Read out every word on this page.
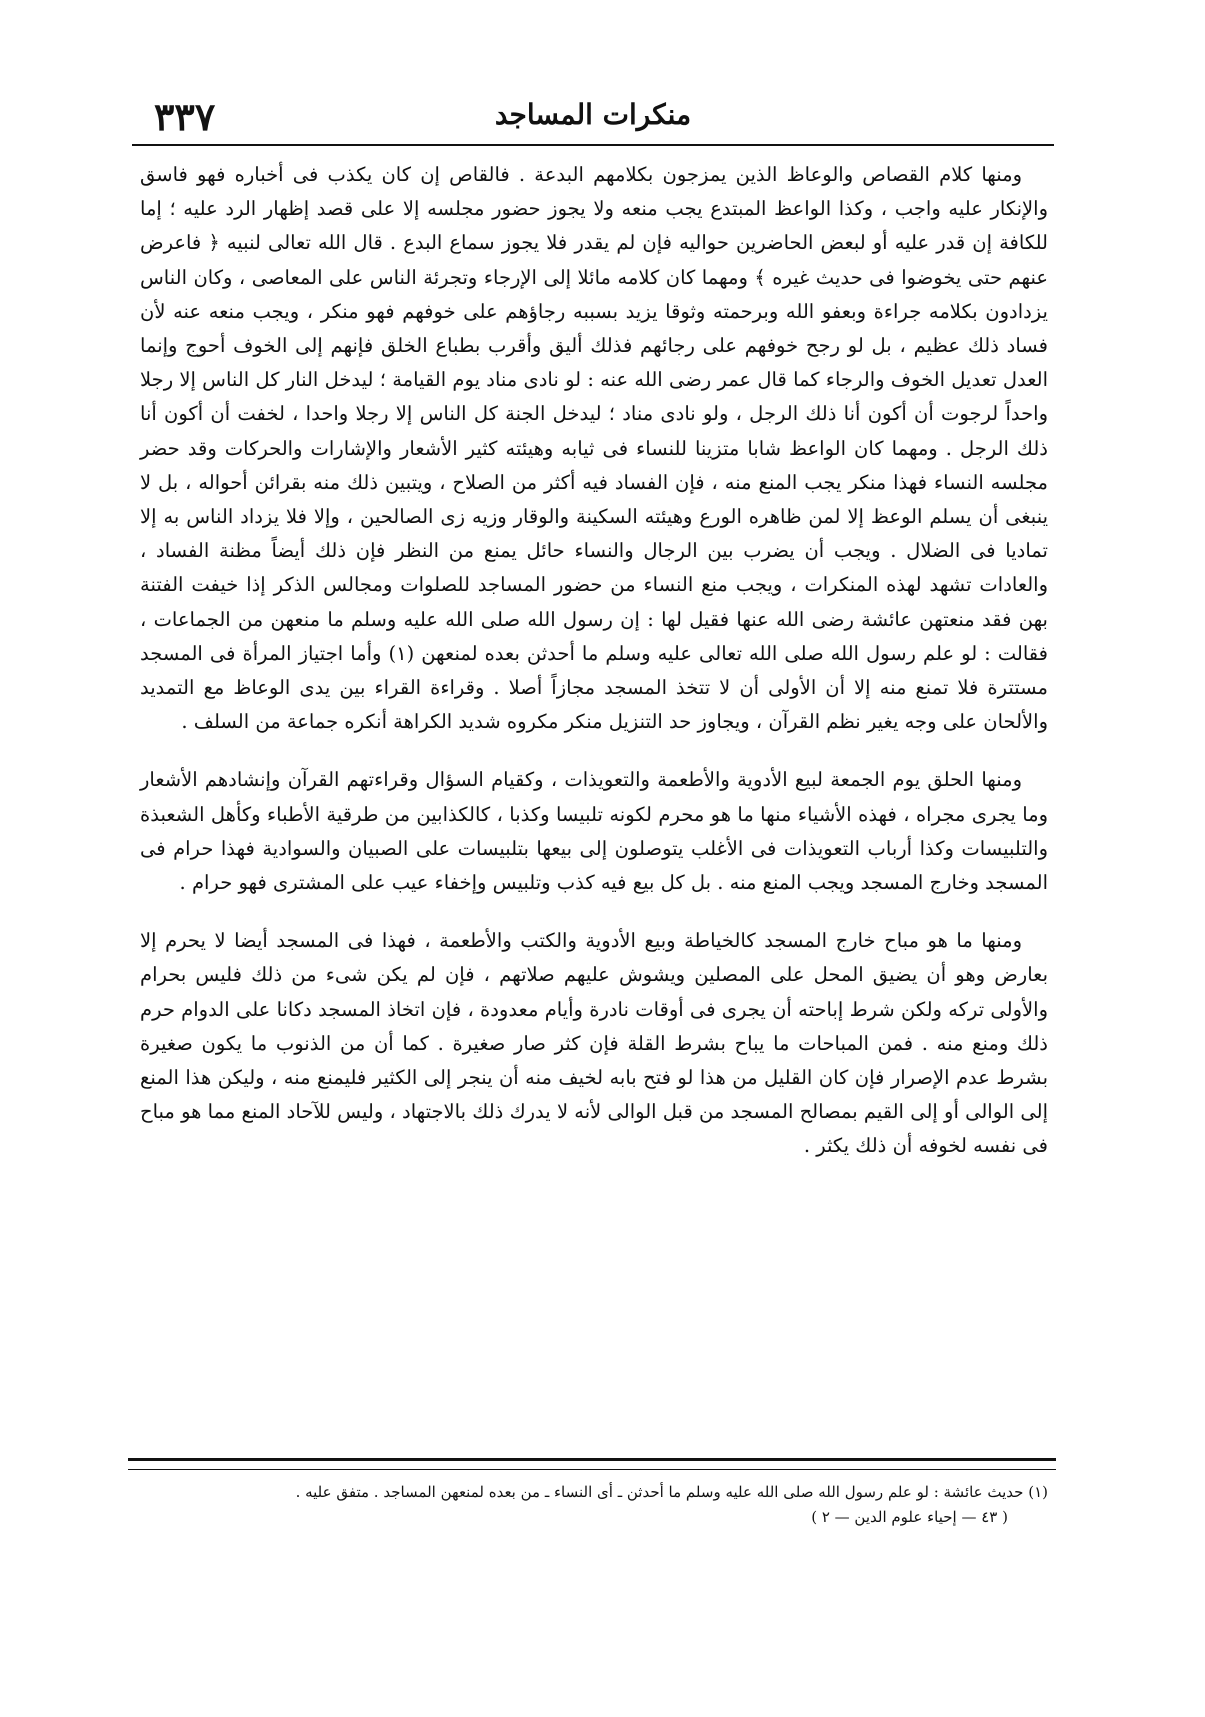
منكرات المساجد
٣٣٧

ومنها كلام القصاص والوعاظ الذين يمزجون بكلامهم البدعة . فالقاص إن كان يكذب فى أخباره فهو فاسق والإنكار عليه واجب ، وكذا الواعظ المبتدع يجب منعه ولا يجوز حضور مجلسه إلا على قصد إظهار الرد عليه ؛ إما للكافة إن قدر عليه أو لبعض الحاضرين حواليه فإن لم يقدر فلا يجوز سماع البدع . قال الله تعالى لنبيه ﴿ فاعرض عنهم حتى يخوضوا فى حديث غيره ﴾ ومهما كان كلامه مائلا إلى الإرجاء وتجرئة الناس على المعاصى ، وكان الناس يزدادون بكلامه جراءة وبعفو الله وبرحمته وثوقا يزيد بسببه رجاؤهم على خوفهم فهو منكر ، ويجب منعه عنه لأن فساد ذلك عظيم ، بل لو رجح خوفهم على رجائهم فذلك أليق وأقرب بطباع الخلق فإنهم إلى الخوف أحوج وإنما العدل تعديل الخوف والرجاء كما قال عمر رضى الله عنه : لو نادى مناد يوم القيامة ؛ ليدخل النار كل الناس إلا رجلا واحداً لرجوت أن أكون أنا ذلك الرجل ، ولو نادى مناد ؛ ليدخل الجنة كل الناس إلا رجلا واحدا ، لخفت أن أكون أنا ذلك الرجل . ومهما كان الواعظ شابا متزينا للنساء فى ثيابه وهيئته كثير الأشعار والإشارات والحركات وقد حضر مجلسه النساء فهذا منكر يجب المنع منه ، فإن الفساد فيه أكثر من الصلاح ، ويتبين ذلك منه بقرائن أحواله ، بل لا ينبغى أن يسلم الوعظ إلا لمن ظاهره الورع وهيئته السكينة والوقار وزيه زى الصالحين ، وإلا فلا يزداد الناس به إلا تماديا فى الضلال . ويجب أن يضرب بين الرجال والنساء حائل يمنع من النظر فإن ذلك أيضاً مظنة الفساد ، والعادات تشهد لهذه المنكرات ، ويجب منع النساء من حضور المساجد للصلوات ومجالس الذكر إذا خيفت الفتنة بهن فقد منعتهن عائشة رضى الله عنها فقيل لها : إن رسول الله صلى الله عليه وسلم ما منعهن من الجماعات ، فقالت : لو علم رسول الله صلى الله تعالى عليه وسلم ما أحدثن بعده لمنعهن (١) وأما اجتياز المرأة فى المسجد مستترة فلا تمنع منه إلا أن الأولى أن لا تتخذ المسجد مجازاً أصلا . وقراءة القراء بين يدى الوعاظ مع التمديد والألحان على وجه يغير نظم القرآن ، ويجاوز حد التنزيل منكر مكروه شديد الكراهة أنكره جماعة من السلف .

ومنها الحلق يوم الجمعة لبيع الأدوية والأطعمة والتعويذات ، وكقيام السؤال وقراءتهم القرآن وإنشادهم الأشعار وما يجرى مجراه ، فهذه الأشياء منها ما هو محرم لكونه تلبيسا وكذبا ، كالكذابين من طرقية الأطباء وكأهل الشعبذة والتلبيسات وكذا أرباب التعويذات فى الأغلب يتوصلون إلى بيعها بتلبيسات على الصبيان والسوادية فهذا حرام فى المسجد وخارج المسجد ويجب المنع منه . بل كل بيع فيه كذب وتلبيس وإخفاء عيب على المشترى فهو حرام .

ومنها ما هو مباح خارج المسجد كالخياطة وبيع الأدوية والكتب والأطعمة ، فهذا فى المسجد أيضا لا يحرم إلا بعارض وهو أن يضيق المحل على المصلين ويشوش عليهم صلاتهم ، فإن لم يكن شىء من ذلك فليس بحرام والأولى تركه ولكن شرط إباحته أن يجرى فى أوقات نادرة وأيام معدودة ، فإن اتخاذ المسجد دكانا على الدوام حرم ذلك ومنع منه . فمن المباحات ما يباح بشرط القلة فإن كثر صار صغيرة . كما أن من الذنوب ما يكون صغيرة بشرط عدم الإصرار فإن كان القليل من هذا لو فتح بابه لخيف منه أن ينجر إلى الكثير فليمنع منه ، وليكن هذا المنع إلى الوالى أو إلى القيم بمصالح المسجد من قبل الوالى لأنه لا يدرك ذلك بالاجتهاد ، وليس للآحاد المنع مما هو مباح فى نفسه لخوفه أن ذلك يكثر .

(١) حديث عائشة : لو علم رسول الله صلى الله عليه وسلم ما أحدثن ـ أى النساء ـ من بعده لمنعهن المساجد . متفق عليه .
( ٤٣ — إحياء علوم الدين — ٢ )
